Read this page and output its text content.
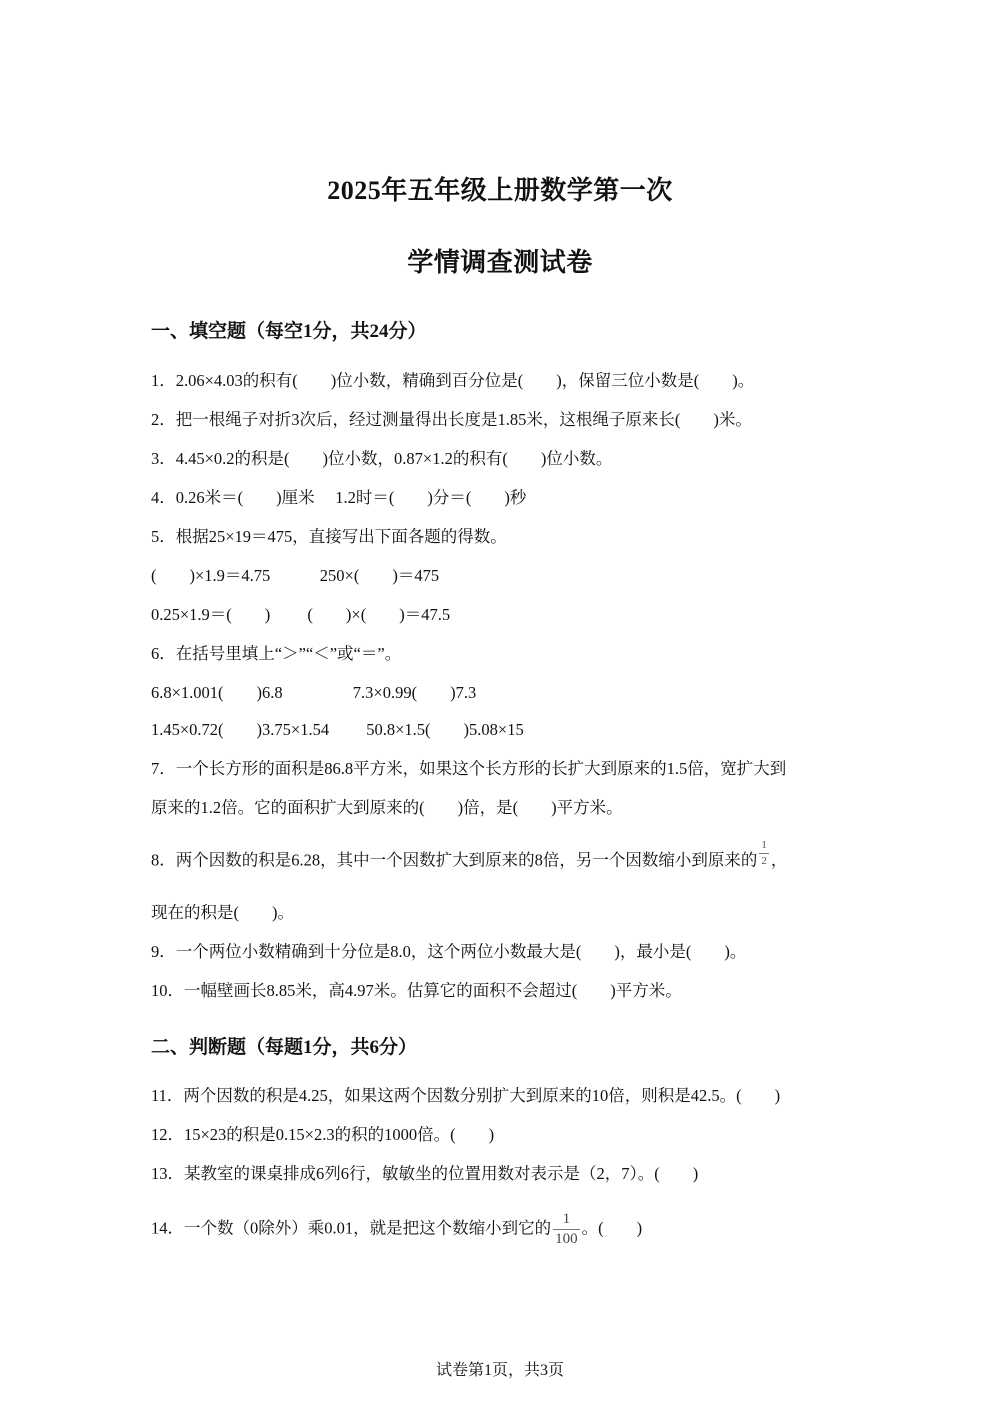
2025年五年级上册数学第一次
学情调查测试卷
一、填空题（每空1分，共24分）
1．2.06×4.03的积有(　　)位小数，精确到百分位是(　　)，保留三位小数是(　　)。
2．把一根绳子对折3次后，经过测量得出长度是1.85米，这根绳子原来长(　　)米。
3．4.45×0.2的积是(　　)位小数，0.87×1.2的积有(　　)位小数。
4．0.26米＝(　　)厘米　 1.2时＝(　　)分＝(　　)秒
5．根据25×19＝475，直接写出下面各题的得数。
(　　)×1.9＝4.75　　　250×(　　)＝475
0.25×1.9＝(　　)　　 (　　)×(　　)＝47.5
6．在括号里填上“＞”“＜”或“＝”。
6.8×1.001(　　)6.8　　　　 7.3×0.99(　　)7.3
1.45×0.72(　　)3.75×1.54　　 50.8×1.5(　　)5.08×15
7．一个长方形的面积是86.8平方米，如果这个长方形的长扩大到原来的1.5倍，宽扩大到
原来的1.2倍。它的面积扩大到原来的(　　)倍，是(　　)平方米。
8．两个因数的积是6.28，其中一个因数扩大到原来的8倍，另一个因数缩小到原来的 $\frac{1}{2}$ ，
现在的积是(　　)。
9．一个两位小数精确到十分位是8.0，这个两位小数最大是(　　)，最小是(　　)。
10．一幅壁画长8.85米，高4.97米。估算它的面积不会超过(　　)平方米。
二、判断题（每题1分，共6分）
11．两个因数的积是4.25，如果这两个因数分别扩大到原来的10倍，则积是42.5。(　　)
12．15×23的积是0.15×2.3的积的1000倍。(　　)
13．某教室的课桌排成6列6行，敏敏坐的位置用数对表示是（2，7）。(　　)
14．一个数（0除外）乘0.01，就是把这个数缩小到它的 $\frac{1}{100}$ 。(　　)
试卷第1页，共3页
